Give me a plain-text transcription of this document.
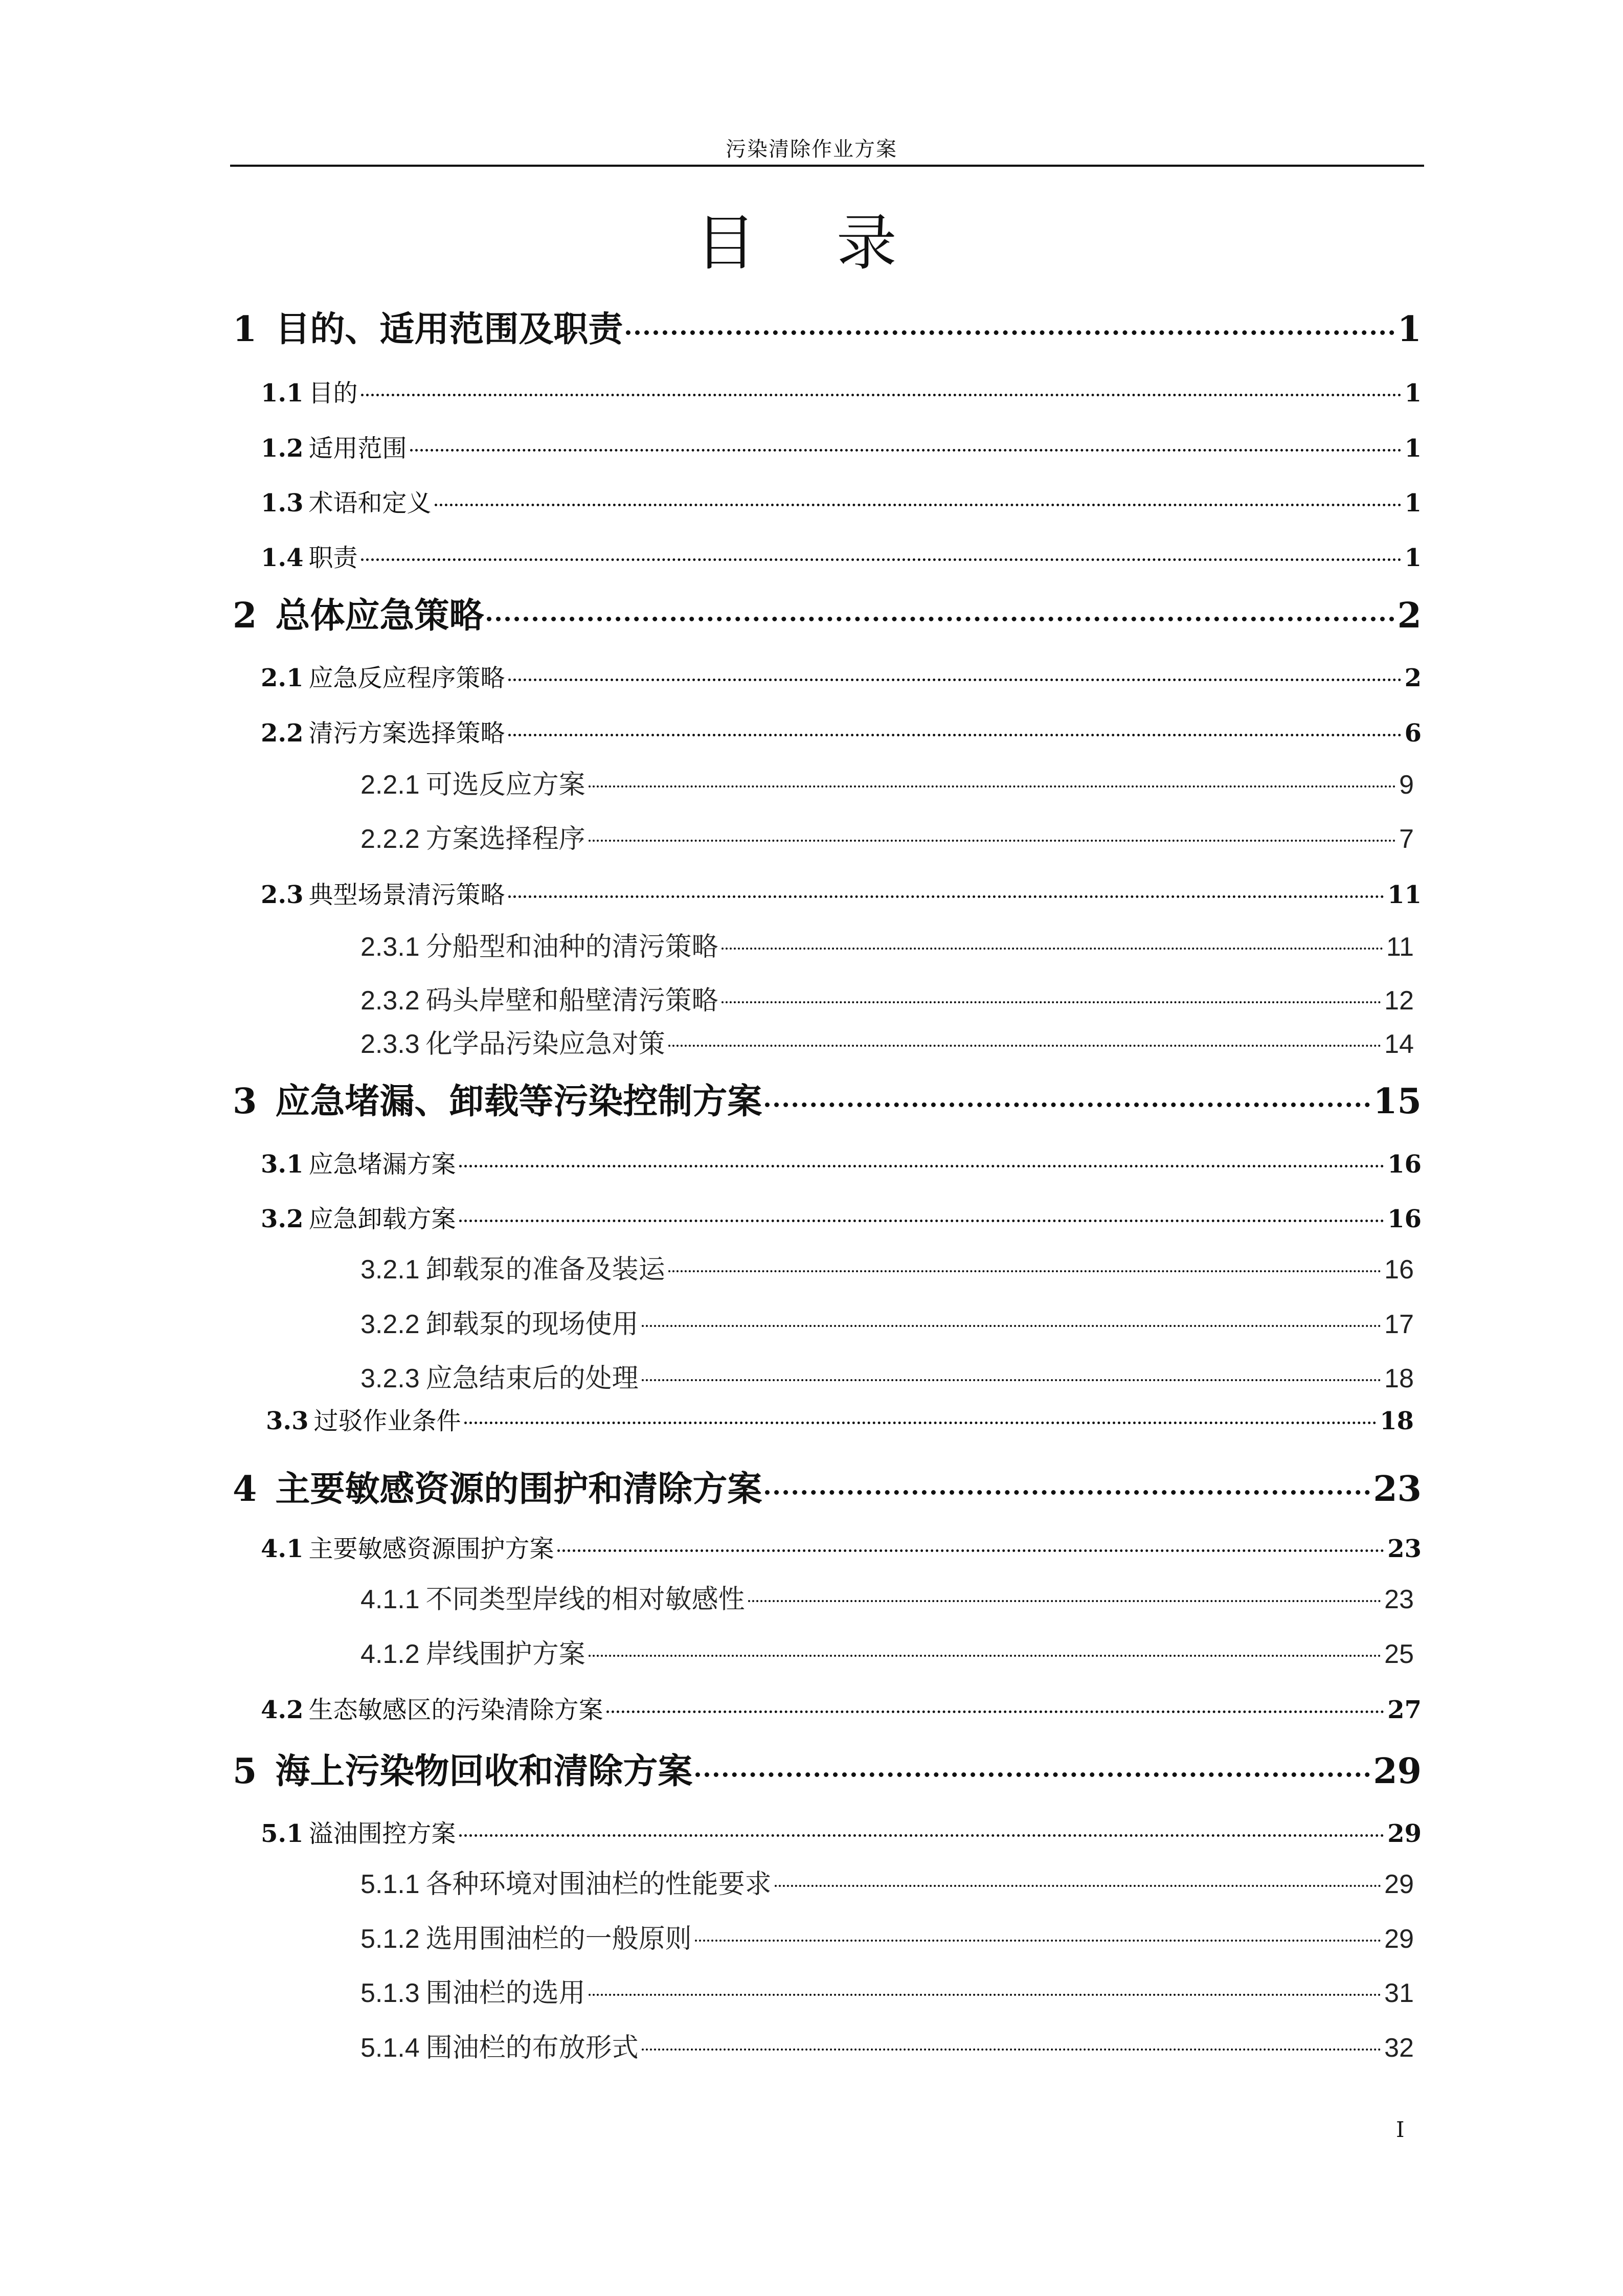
污染清除作业方案
目 录
1 目的、适用范围及职责	1
1.1 目的	1
1.2 适用范围	1
1.3 术语和定义	1
1.4 职责	1
2 总体应急策略	2
2.1 应急反应程序策略	2
2.2 清污方案选择策略	6
2.2.1 可选反应方案	9
2.2.2 方案选择程序	7
2.3 典型场景清污策略	11
2.3.1 分船型和油种的清污策略	11
2.3.2 码头岸壁和船壁清污策略	12
2.3.3 化学品污染应急对策	14
3 应急堵漏、卸载等污染控制方案	15
3.1 应急堵漏方案	16
3.2 应急卸载方案	16
3.2.1 卸载泵的准备及装运	16
3.2.2 卸载泵的现场使用	17
3.2.3 应急结束后的处理	18
3.3 过驳作业条件	18
4 主要敏感资源的围护和清除方案	23
4.1 主要敏感资源围护方案	23
4.1.1 不同类型岸线的相对敏感性	23
4.1.2 岸线围护方案	25
4.2 生态敏感区的污染清除方案	27
5 海上污染物回收和清除方案	29
5.1 溢油围控方案	29
5.1.1 各种环境对围油栏的性能要求	29
5.1.2 选用围油栏的一般原则	29
5.1.3 围油栏的选用	31
5.1.4 围油栏的布放形式	32
I
